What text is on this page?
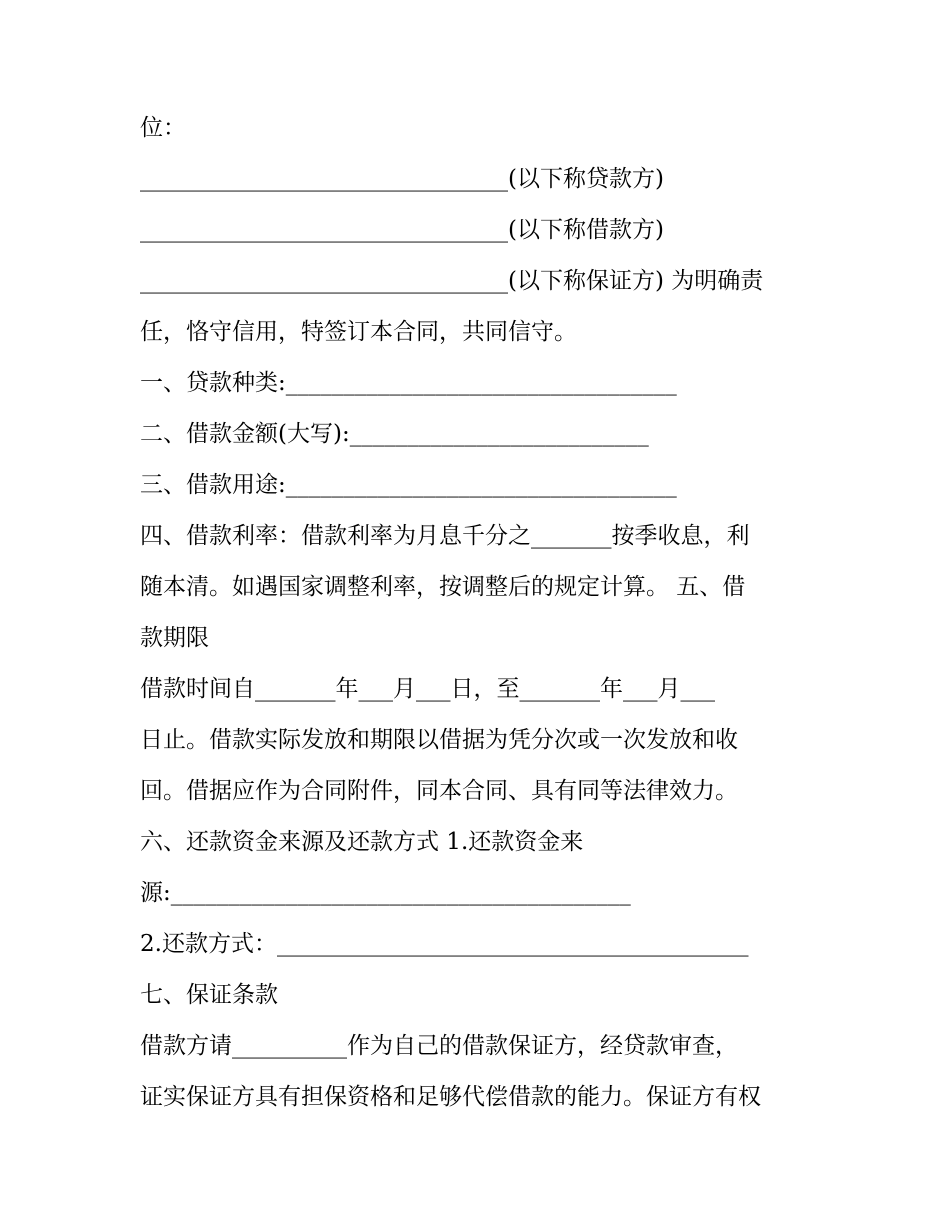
位：
________________________________(以下称贷款方)
________________________________(以下称借款方)
________________________________(以下称保证方) 为明确责
任，恪守信用，特签订本合同，共同信守。
一、贷款种类:__________________________________
二、借款金额(大写):__________________________
三、借款用途:__________________________________
四、借款利率：借款利率为月息千分之_______按季收息，利
随本清。如遇国家调整利率，按调整后的规定计算。 五、借
款期限
借款时间自_______年___月___日，至_______年___月___
日止。借款实际发放和期限以借据为凭分次或一次发放和收
回。借据应作为合同附件，同本合同、具有同等法律效力。
六、还款资金来源及还款方式 1.还款资金来
源:________________________________________
2.还款方式：_________________________________________
七、保证条款
借款方请__________作为自己的借款保证方，经贷款审查，
证实保证方具有担保资格和足够代偿借款的能力。保证方有权
